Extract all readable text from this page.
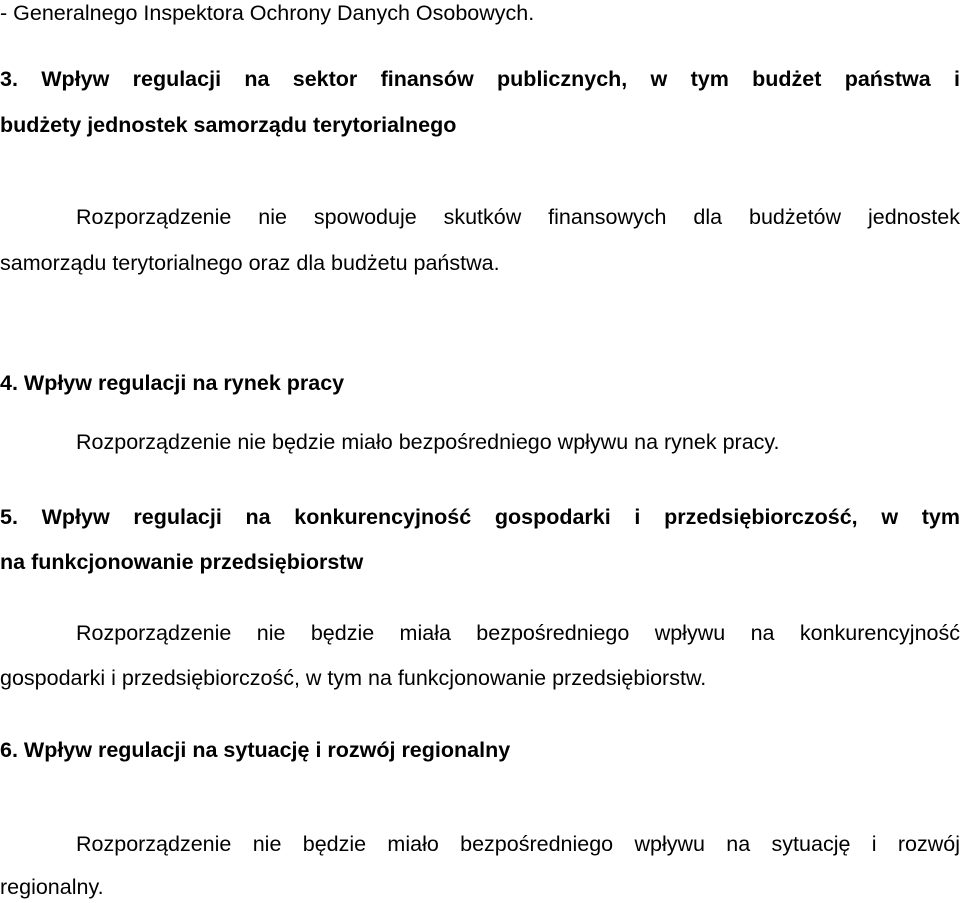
- Generalnego Inspektora Ochrony Danych Osobowych.
3. Wpływ regulacji na sektor finansów publicznych, w tym budżet państwa i
budżety jednostek samorządu terytorialnego
Rozporządzenie nie spowoduje skutków finansowych dla budżetów jednostek
samorządu terytorialnego oraz dla budżetu państwa.
4. Wpływ regulacji na rynek pracy
Rozporządzenie nie będzie miało bezpośredniego wpływu na rynek pracy.
5. Wpływ regulacji na konkurencyjność gospodarki i przedsiębiorczość, w tym
na funkcjonowanie przedsiębiorstw
Rozporządzenie nie będzie miała bezpośredniego wpływu na konkurencyjność
gospodarki i przedsiębiorczość, w tym na funkcjonowanie przedsiębiorstw.
6. Wpływ regulacji na sytuację i rozwój regionalny
Rozporządzenie nie będzie miało bezpośredniego wpływu na sytuację i rozwój
regionalny.
